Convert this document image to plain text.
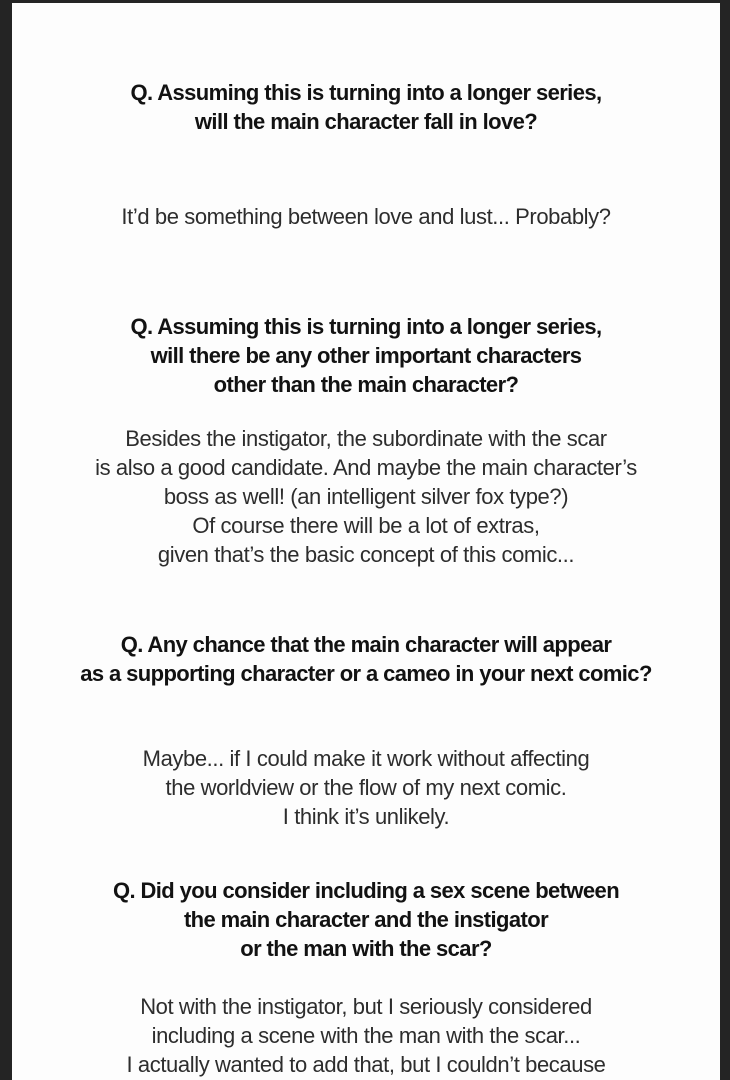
Q. Assuming this is turning into a longer series,
will the main character fall in love?
It’d be something between love and lust... Probably?
Q. Assuming this is turning into a longer series,
will there be any other important characters
other than the main character?
Besides the instigator, the subordinate with the scar
is also a good candidate. And maybe the main character’s
boss as well! (an intelligent silver fox type?)
Of course there will be a lot of extras,
given that’s the basic concept of this comic...
Q. Any chance that the main character will appear
as a supporting character or a cameo in your next comic?
Maybe... if I could make it work without affecting
the worldview or the flow of my next comic.
I think it’s unlikely.
Q. Did you consider including a sex scene between
the main character and the instigator
or the man with the scar?
Not with the instigator, but I seriously considered
including a scene with the man with the scar...
I actually wanted to add that, but I couldn’t because
